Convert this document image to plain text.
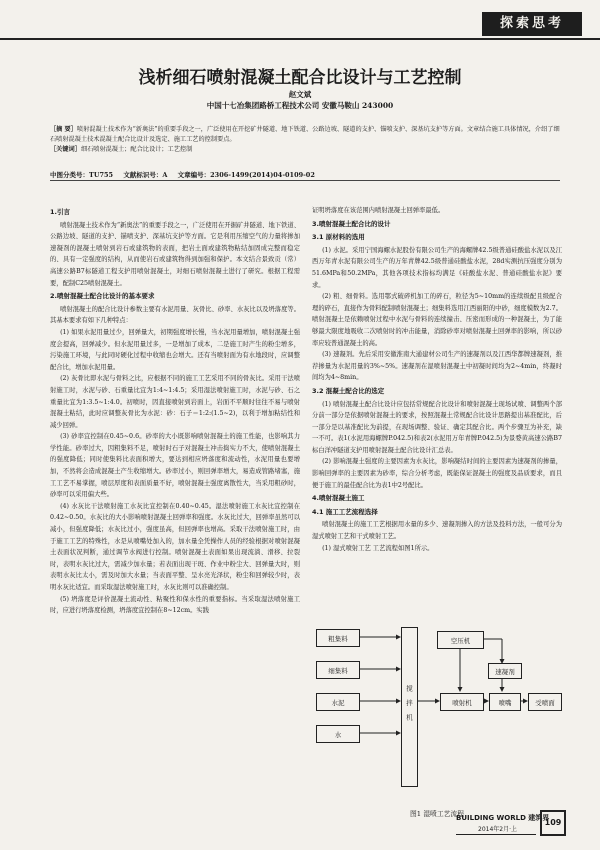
探索思考
浅析细石喷射混凝土配合比设计与工艺控制
赵文斌
中国十七冶集团路桥工程技术公司 安徽马鞍山 243000
［摘 要］喷射混凝土技术作为“新奥法”的重要手段之一，广泛使用在开挖矿井隧道、地下铁道、公路边坡、隧道的支护、锚喷支护、深基坑支护等方面。文章结合施工具体情况，介绍了细石喷射混凝土技术混凝土配合比设计及选定、施工工艺的控制要点。
［关键词］细石喷射混凝土；配合比设计；工艺控制
中图分类号：TU755 文献标识号：A 文章编号：2306-1499(2014)04-0109-02
1.引言

喷射混凝土技术作为“新奥法”的重要手段之一，广泛使用在开掘矿井隧道、地下铁道、公路边坡、隧道的支护、锚喷支护、深基坑支护等方面。它是利用压缩空气的力量将掺加速凝剂的混凝土喷射到岩石或建筑物的表面，把岩土面或建筑物粘结加固成完整而稳定的、具有一定强度的结构，从而使岩石或建筑物得到加强和保护。本文结合景致贡（常）高速公路B7标隧道工程支护用喷射混凝土，对细石喷射混凝土进行了研究。根据工程需要，配制C25喷射混凝土。

2.喷射混凝土配合比设计的基本要求

喷射混凝土的配合比设计参数主要有水泥用量、灰骨比、砂率、水灰比以及坍落度等。其基本要求有如下几种特点：

(1) 如果水泥用量过少，回弹量大，初期强度增长慢，当水泥用量增加，喷射混凝土强度会提高，回弹减少。但水泥用量过多，一是增加了成本，二是施工时产生的粉尘增多，污染施工环境，与此同时硬化过程中收缩也会增大。还有当喷射面为有水地段时，应调整配合比，增加水泥用量。

(2) 灰骨比即水泥与骨料之比，应根据不同的施工工艺采用不同的骨灰比。采用干法喷射施工时，水泥与砂、石重量比宜为1:4~1:4.5；采用湿法喷射施工时，水泥与砂、石之重量比宜为1:3.5~1:4.0。初喷时，因直接喷射到岩面上，岩面不平顺时往往不易与喷射混凝土粘结，此时应调整灰骨比为水泥：砂：石子＝1:2:(1.5~2)，以利于增加粘结性和减少回弹。

(3) 砂率宜控制在0.45~0.6。砂率的大小既影响喷射混凝土的施工性能，也影响其力学性能。砂率过大，因粗集料不足，喷射时石子对混凝土冲击捣实力不大，使喷射混凝土的强度降低；同时使集料比表面积增大，要达到相应坍落度和流动性，水泥用量也要增加，不然将会造成混凝土产生收缩增大。砂率过小，则回弹率增大，易造成管路堵塞，施工工艺不易掌握，喷层厚度和表面质量不好，喷射混凝土强度离散性大，当采用粗砂时，砂率可以采用偏大些。

(4) 水灰比干法喷射施工水灰比宜控制在0.40~0.45。湿法喷射施工水灰比宜控制在0.42~0.50。水灰比的大小影响喷射混凝土回弹率和强度。水灰比过大，回弹率虽然可以减小，但强度降低；水灰比过小，强度虽高，但回弹率也增高。采取干法喷射施工时，由于施工工艺的特殊性，水是从喷嘴处加入的，加水量全凭操作人员的经验根据对喷射混凝土表面状况判断，通过调节水阀进行控制。喷射混凝土表面如果出现流淌、滑移、拉裂时，表明水灰比过大，需减少加水量；若表面出现干斑、作业中粉尘大、回弹量大时，则表明水灰比太小，需及时加大水量；当表面平整、呈水亮光泽状，粉尘和回弹较少时，表明水灰比适宜。而采取湿法喷射施工时，水灰比则可以准确控制。

(5) 坍落度是评价混凝土流动性、粘聚性和保水性的重要指标。当采取湿法喷射施工时，应进行坍落度检测，坍落度宜控制在8~12cm。实践

证明坍落度在该范围内喷射混凝土回弹率最低。

3.喷射混凝土配合比的设计
3.1 原材料的选用

(1) 水泥。采用宁国海螺水泥股份有限公司生产的海螺牌42.5级普通硅酸盐水泥以及江西万年青水泥有限公司生产的万年青牌42.5级普通硅酸盐水泥，28d实测抗压强度分别为51.6MPa和50.2MPa，其他各项技术指标均满足《硅酸盐水泥、普通硅酸盐水泥》要求。

(2) 粗、细骨料。选用鄂式破碎机加工的碎石，粒径为5~10mm的连续级配且级配合理的碎石，直接作为骨料配制喷射混凝土；细集料选用江西丽阳的中砂，细度模数为2.7。喷射混凝土是依赖喷射过程中水泥与骨料的连续撞击、压密而形成的一种混凝土，为了能够最大限度地吸收二次喷射时的冲击能量，消除砂率对喷射混凝土回弹率的影响，所以砂率应较普通混凝土的高。

(3) 速凝剂。先后采用安徽淮南大通建材公司生产的速凝剂以及江西华都牌速凝剂，推荐掺量为水泥用量的3%~5%。速凝剂在湿喷射混凝土中初凝时间均为2~4min，终凝时间均为4~8min。

3.2 混凝土配合比的选定

(1) 喷射混凝土配合比设计应包括常规配合比设计和喷射混凝土现场试喷、调整两个部分前一部分是依据喷射混凝土的要求，按照混凝土常规配合比设计思路提出基准配比，后一部分是以基准配比为前提，在现场调整、验证、确定其配合比。两个步骤互为补充，缺一不可。表1(水泥用海螺牌P.042.5)和表2(水泥用万年青牌P.042.5)为景婺黄高速公路B7标白洋冲隧道支护用喷射混凝土配合比设计汇总表。

(2) 影响混凝土强度的主要因素为水灰比，影响凝结时间的主要因素为速凝剂的掺量，影响回弹率的主要因素为砂率，综合分析考虑，既能保证混凝土的强度及品质要求，而且便于施工的最佳配合比为表1中2号配比。

4.喷射混凝土施工
4.1 施工工艺流程选择

喷射混凝土的施工工艺根据用水量的多少、速凝剂掺入的方法及投料方法，一般可分为湿式喷射工艺和干式喷射工艺。

(1) 湿式喷射工艺 工艺流程如图1所示。

粗集料
细集料
水泥
水
搅拌机
空压机
速凝剂
喷射机	喷嘴	受喷面
图1 湿喷工艺流程
BUILDING WORLD 建筑界
2014年2月·上
109
